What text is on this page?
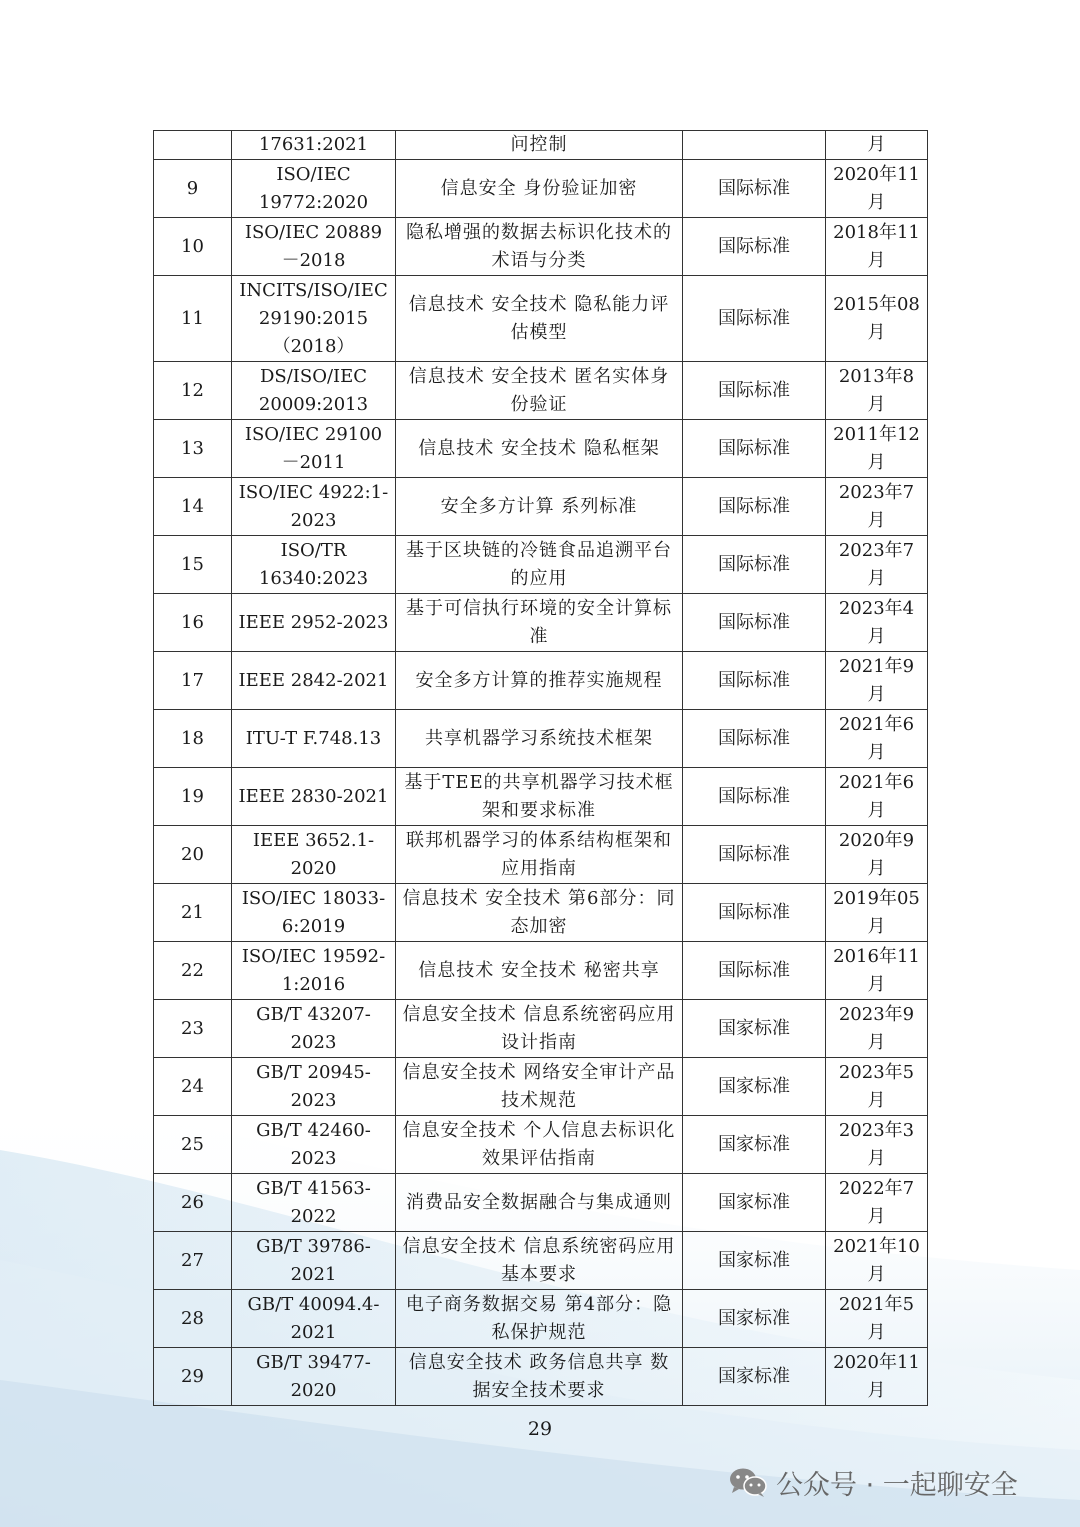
	17631:2021	问控制		月
9	ISO/IEC 19772:2020	信息安全 身份验证加密	国际标准	2020年11月
10	ISO/IEC 20889－2018	隐私增强的数据去标识化技术的术语与分类	国际标准	2018年11月
11	INCITS/ISO/IEC 29190:2015（2018）	信息技术 安全技术 隐私能力评估模型	国际标准	2015年08月
12	DS/ISO/IEC 20009:2013	信息技术 安全技术 匿名实体身份验证	国际标准	2013年8月
13	ISO/IEC 29100－2011	信息技术 安全技术 隐私框架	国际标准	2011年12月
14	ISO/IEC 4922:1-2023	安全多方计算 系列标准	国际标准	2023年7月
15	ISO/TR 16340:2023	基于区块链的冷链食品追溯平台的应用	国际标准	2023年7月
16	IEEE 2952-2023	基于可信执行环境的安全计算标准	国际标准	2023年4月
17	IEEE 2842-2021	安全多方计算的推荐实施规程	国际标准	2021年9月
18	ITU-T F.748.13	共享机器学习系统技术框架	国际标准	2021年6月
19	IEEE 2830-2021	基于TEE的共享机器学习技术框架和要求标准	国际标准	2021年6月
20	IEEE 3652.1-2020	联邦机器学习的体系结构框架和应用指南	国际标准	2020年9月
21	ISO/IEC 18033-6:2019	信息技术 安全技术 第6部分：同态加密	国际标准	2019年05月
22	ISO/IEC 19592-1:2016	信息技术 安全技术 秘密共享	国际标准	2016年11月
23	GB/T 43207-2023	信息安全技术 信息系统密码应用设计指南	国家标准	2023年9月
24	GB/T 20945-2023	信息安全技术 网络安全审计产品技术规范	国家标准	2023年5月
25	GB/T 42460-2023	信息安全技术 个人信息去标识化效果评估指南	国家标准	2023年3月
26	GB/T 41563-2022	消费品安全数据融合与集成通则	国家标准	2022年7月
27	GB/T 39786-2021	信息安全技术 信息系统密码应用基本要求	国家标准	2021年10月
28	GB/T 40094.4-2021	电子商务数据交易 第4部分：隐私保护规范	国家标准	2021年5月
29	GB/T 39477-2020	信息安全技术 政务信息共享 数据安全技术要求	国家标准	2020年11月
29
公众号 · 一起聊安全
